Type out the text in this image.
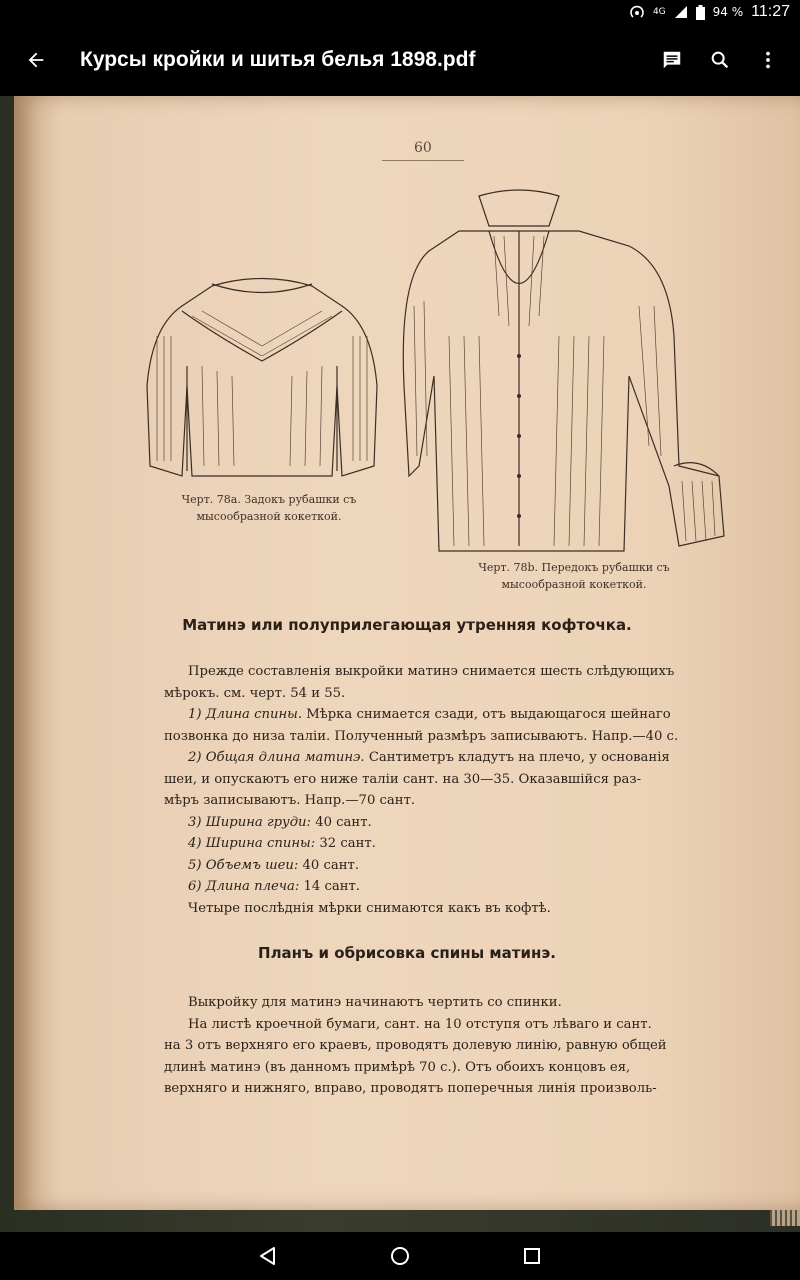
4G	94 % 11:27
Курсы кройки и шитья белья 1898.pdf
60
Черт. 78а. Задокъ рубашки съ
мысообразной кокеткой.
Черт. 78b. Передокъ рубашки съ
мысообразной кокеткой.
Матинэ или полуприлегающая утренняя кофточка.

Прежде составленія выкройки матинэ снимается шесть слѣдующихъ

мѣрокъ. см. черт. 54 и 55.

1) Длина спины. Мѣрка снимается сзади, отъ выдающагося шейнаго

позвонка до низа таліи. Полученный размѣръ записываютъ. Напр.—40 с.

2) Общая длина матинэ. Сантиметръ кладутъ на плечо, у основанія

шеи, и опускаютъ его ниже таліи сант. на 30—35. Оказавшійся раз-

мѣръ записываютъ. Напр.—70 сант.

3) Ширина груди: 40 сант.

4) Ширина спины: 32 сант.

5) Объемъ шеи: 40 сант.

6) Длина плеча: 14 сант.

Четыре послѣднія мѣрки снимаются какъ въ кофтѣ.

Планъ и обрисовка спины матинэ.

Выкройку для матинэ начинаютъ чертить со спинки.

На листѣ кроечной бумаги, сант. на 10 отступя отъ лѣваго и сант.

на 3 отъ верхняго его краевъ, проводятъ долевую линію, равную общей

длинѣ матинэ (въ данномъ примѣрѣ 70 с.). Отъ обоихъ концовъ ея,

верхняго и нижняго, вправо, проводятъ поперечныя линія произволь-
